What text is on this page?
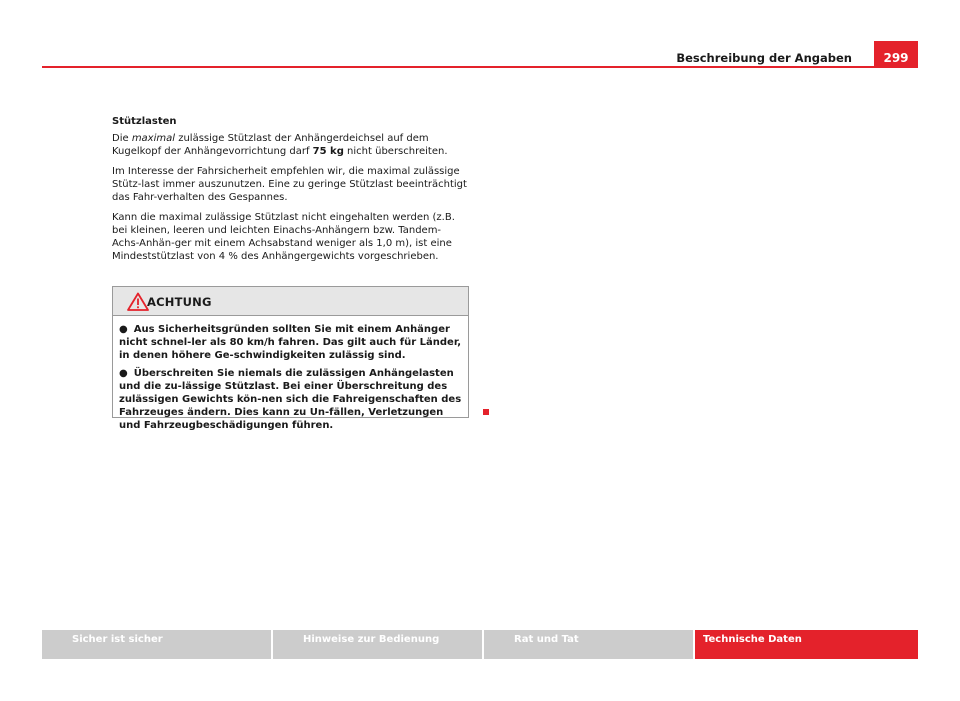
Beschreibung der Angaben	299
Stützlasten

Die maximal zulässige Stützlast der Anhängerdeichsel auf dem Kugelkopf der Anhängevorrichtung darf 75 kg nicht überschreiten.

Im Interesse der Fahrsicherheit empfehlen wir, die maximal zulässige Stütz-last immer auszunutzen. Eine zu geringe Stützlast beeinträchtigt das Fahr-verhalten des Gespannes.

Kann die maximal zulässige Stützlast nicht eingehalten werden (z.B. bei kleinen, leeren und leichten Einachs-Anhängern bzw. Tandem-Achs-Anhän-ger mit einem Achsabstand weniger als 1,0 m), ist eine Mindeststützlast von 4 % des Anhängergewichts vorgeschrieben.

ACHTUNG
● Aus Sicherheitsgründen sollten Sie mit einem Anhänger nicht schnel-ler als 80 km/h fahren. Das gilt auch für Länder, in denen höhere Ge-schwindigkeiten zulässig sind.
● Überschreiten Sie niemals die zulässigen Anhängelasten und die zu-lässige Stützlast. Bei einer Überschreitung des zulässigen Gewichts kön-nen sich die Fahreigenschaften des Fahrzeuges ändern. Dies kann zu Un-fällen, Verletzungen und Fahrzeugbeschädigungen führen.
Sicher ist sicher	Hinweise zur Bedienung	Rat und Tat	Technische Daten
